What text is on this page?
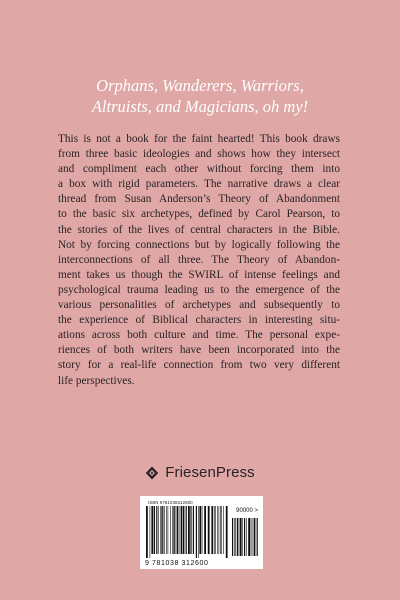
Orphans, Wanderers, Warriors,
Altruists, and Magicians, oh my!
This is not a book for the faint hearted! This book draws
from three basic ideologies and shows how they intersect
and compliment each other without forcing them into
a box with rigid parameters. The narrative draws a clear
thread from Susan Anderson’s Theory of Abandonment
to the basic six archetypes, defined by Carol Pearson, to
the stories of the lives of central characters in the Bible.
Not by forcing connections but by logically following the
interconnections of all three. The Theory of Abandon-
ment takes us though the SWIRL of intense feelings and
psychological trauma leading us to the emergence of the
various personalities of archetypes and subsequently to
the experience of Biblical characters in interesting situ-
ations across both culture and time. The personal expe-
riences of both writers have been incorporated into the
story for a real-life connection from two very different
life perspectives.
FriesenPress
ISBN 9781038312600
90000 >
9 781038 312600
